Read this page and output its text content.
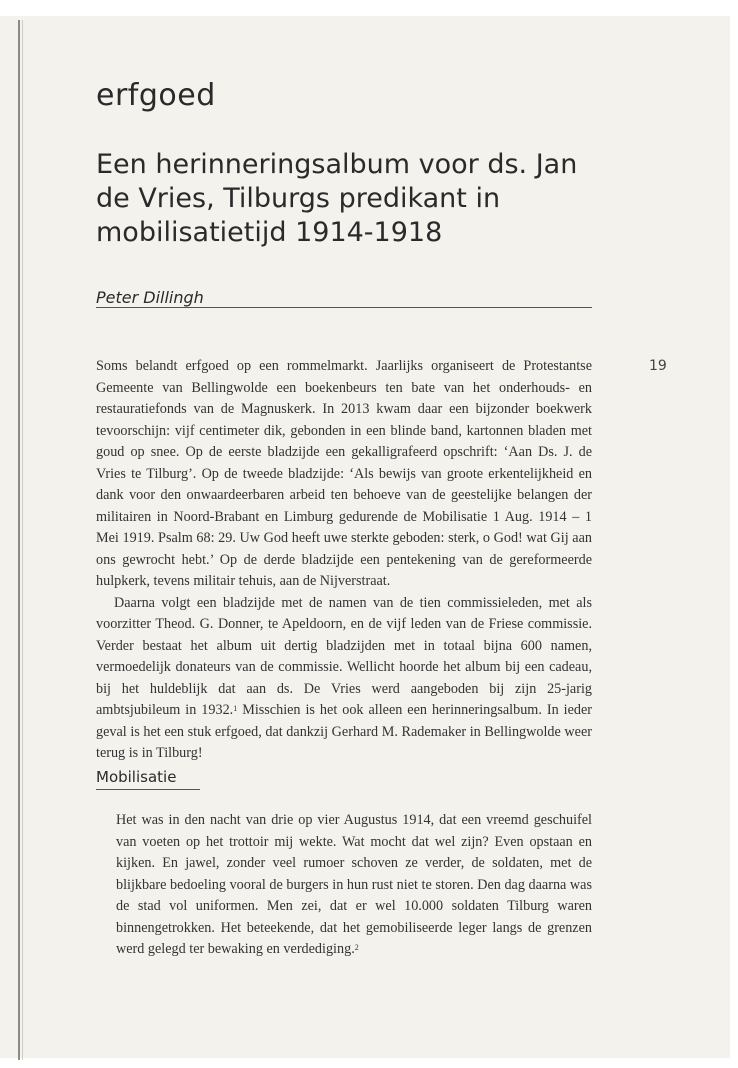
erfgoed
Een herinneringsalbum voor ds. Jan de Vries, Tilburgs predikant in mobilisatietijd 1914-1918
Peter Dillingh
19

Soms belandt erfgoed op een rommelmarkt. Jaarlijks organiseert de Protestantse Gemeente van Bellingwolde een boekenbeurs ten bate van het onderhouds- en restauratiefonds van de Magnuskerk. In 2013 kwam daar een bijzonder boekwerk tevoorschijn: vijf centimeter dik, gebonden in een blinde band, kartonnen bladen met goud op snee. Op de eerste bladzijde een gekalligrafeerd opschrift: ‘Aan Ds. J. de Vries te Tilburg’. Op de tweede bladzijde: ‘Als bewijs van groote erkentelijkheid en dank voor den onwaardeerbaren arbeid ten behoeve van de geestelijke belangen der militairen in Noord-Brabant en Limburg gedurende de Mobilisatie 1 Aug. 1914 – 1 Mei 1919. Psalm 68: 29. Uw God heeft uwe sterkte geboden: sterk, o God! wat Gij aan ons gewrocht hebt.’ Op de derde bladzijde een pentekening van de gereformeerde hulpkerk, tevens militair tehuis, aan de Nijverstraat.

Daarna volgt een bladzijde met de namen van de tien commissieleden, met als voorzitter Theod. G. Donner, te Apeldoorn, en de vijf leden van de Friese commissie. Verder bestaat het album uit dertig bladzijden met in totaal bijna 600 namen, vermoedelijk donateurs van de commissie. Wellicht hoorde het album bij een cadeau, bij het huldeblijk dat aan ds. De Vries werd aangeboden bij zijn 25-jarig ambtsjubileum in 1932.$^1$ Misschien is het ook alleen een herinneringsalbum. In ieder geval is het een stuk erfgoed, dat dankzij Gerhard M. Rademaker in Bellingwolde weer terug is in Tilburg!

Mobilisatie

Het was in den nacht van drie op vier Augustus 1914, dat een vreemd geschuifel van voeten op het trottoir mij wekte. Wat mocht dat wel zijn? Even opstaan en kijken. En jawel, zonder veel rumoer schoven ze verder, de soldaten, met de blijkbare bedoeling vooral de burgers in hun rust niet te storen. Den dag daarna was de stad vol uniformen. Men zei, dat er wel 10.000 soldaten Tilburg waren binnengetrokken. Het beteekende, dat het gemobiliseerde leger langs de grenzen werd gelegd ter bewaking en verdediging.$^2$
